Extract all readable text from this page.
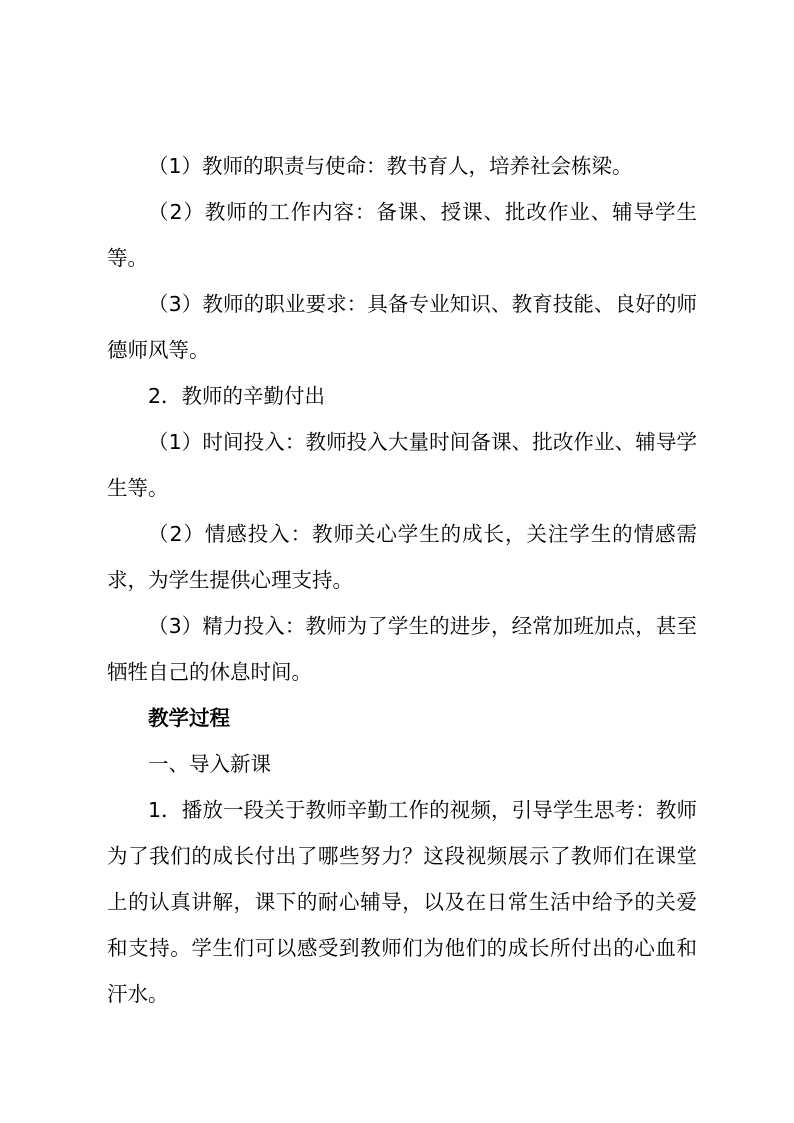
（1）教师的职责与使命：教书育人，培养社会栋梁。

（2）教师的工作内容：备课、授课、批改作业、辅导学生等。

（3）教师的职业要求：具备专业知识、教育技能、良好的师德师风等。

2．教师的辛勤付出

（1）时间投入：教师投入大量时间备课、批改作业、辅导学生等。

（2）情感投入：教师关心学生的成长，关注学生的情感需求，为学生提供心理支持。

（3）精力投入：教师为了学生的进步，经常加班加点，甚至牺牲自己的休息时间。

教学过程

一、导入新课

1．播放一段关于教师辛勤工作的视频，引导学生思考：教师为了我们的成长付出了哪些努力？这段视频展示了教师们在课堂上的认真讲解，课下的耐心辅导，以及在日常生活中给予的关爱和支持。学生们可以感受到教师们为他们的成长所付出的心血和汗水。
